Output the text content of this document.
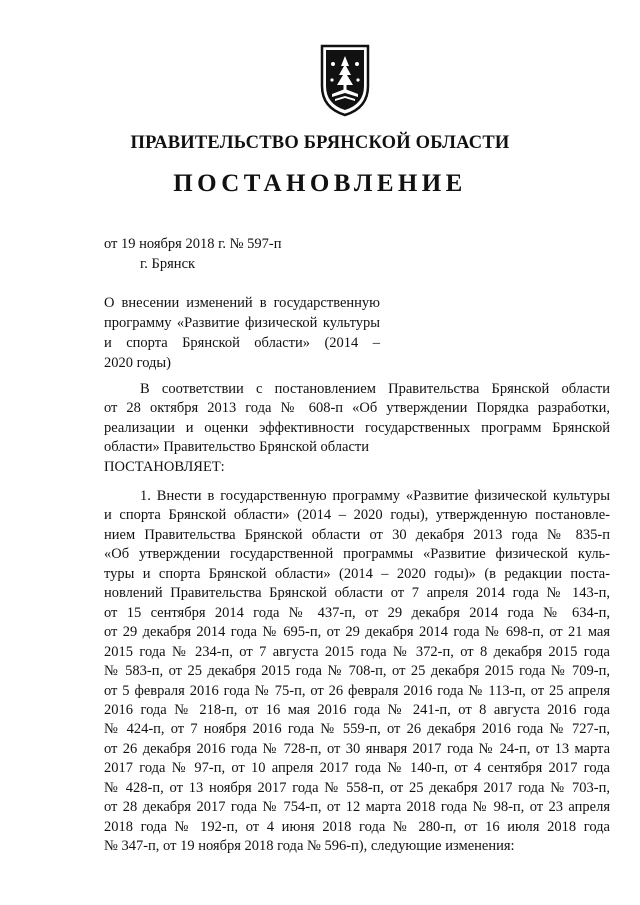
ПРАВИТЕЛЬСТВО БРЯНСКОЙ ОБЛАСТИ
ПОСТАНОВЛЕНИЕ
от 19 ноября 2018 г. № 597-п
г. Брянск
О внесении изменений в государственную
программу «Развитие физической культуры
и спорта Брянской области» (2014 –
2020 годы)
В соответствии с постановлением Правительства Брянской области
от 28 октября 2013 года № 608-п «Об утверждении Порядка разработки,
реализации и оценки эффективности государственных программ Брянской
области» Правительство Брянской области
ПОСТАНОВЛЯЕТ:
1. Внести в государственную программу «Развитие физической культуры
и спорта Брянской области» (2014 – 2020 годы), утвержденную постановле-
нием Правительства Брянской области от 30 декабря 2013 года № 835-п
«Об утверждении государственной программы «Развитие физической куль-
туры и спорта Брянской области» (2014 – 2020 годы)» (в редакции поста-
новлений Правительства Брянской области от 7 апреля 2014 года № 143-п,
от 15 сентября 2014 года № 437-п, от 29 декабря 2014 года № 634-п,
от 29 декабря 2014 года № 695-п, от 29 декабря 2014 года № 698-п, от 21 мая
2015 года № 234-п, от 7 августа 2015 года № 372-п, от 8 декабря 2015 года
№ 583-п, от 25 декабря 2015 года № 708-п, от 25 декабря 2015 года № 709-п,
от 5 февраля 2016 года № 75-п, от 26 февраля 2016 года № 113-п, от 25 апреля
2016 года № 218-п, от 16 мая 2016 года № 241-п, от 8 августа 2016 года
№ 424-п, от 7 ноября 2016 года № 559-п, от 26 декабря 2016 года № 727-п,
от 26 декабря 2016 года № 728-п, от 30 января 2017 года № 24-п, от 13 марта
2017 года № 97-п, от 10 апреля 2017 года № 140-п, от 4 сентября 2017 года
№ 428-п, от 13 ноября 2017 года № 558-п, от 25 декабря 2017 года № 703-п,
от 28 декабря 2017 года № 754-п, от 12 марта 2018 года № 98-п, от 23 апреля
2018 года № 192-п, от 4 июня 2018 года № 280-п, от 16 июля 2018 года
№ 347-п, от 19 ноября 2018 года № 596-п), следующие изменения:
